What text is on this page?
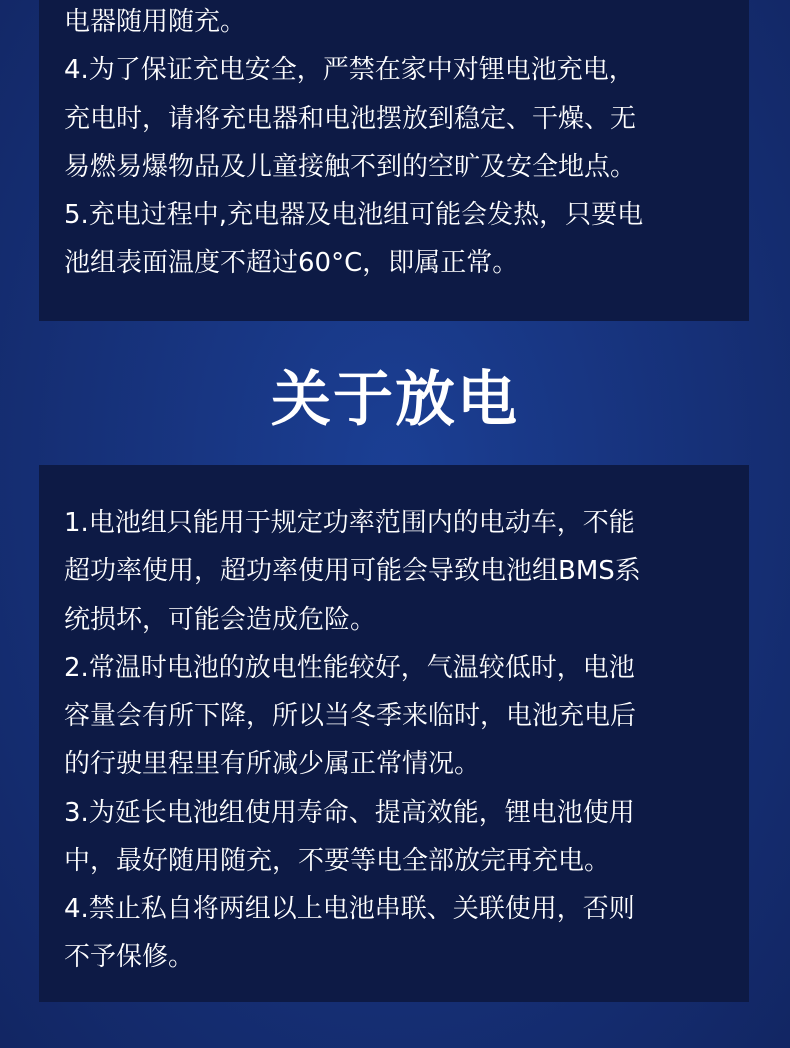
电器随用随充。
4.为了保证充电安全，严禁在家中对锂电池充电，
充电时，请将充电器和电池摆放到稳定、干燥、无
易燃易爆物品及儿童接触不到的空旷及安全地点。
5.充电过程中,充电器及电池组可能会发热，只要电
池组表面温度不超过60°C，即属正常。
关于放电
1.电池组只能用于规定功率范围内的电动车，不能
超功率使用，超功率使用可能会导致电池组BMS系
统损坏，可能会造成危险。
2.常温时电池的放电性能较好，气温较低时，电池
容量会有所下降，所以当冬季来临时，电池充电后
的行驶里程里有所减少属正常情况。
3.为延长电池组使用寿命、提高效能，锂电池使用
中，最好随用随充，不要等电全部放完再充电。
4.禁止私自将两组以上电池串联、关联使用，否则
不予保修。
